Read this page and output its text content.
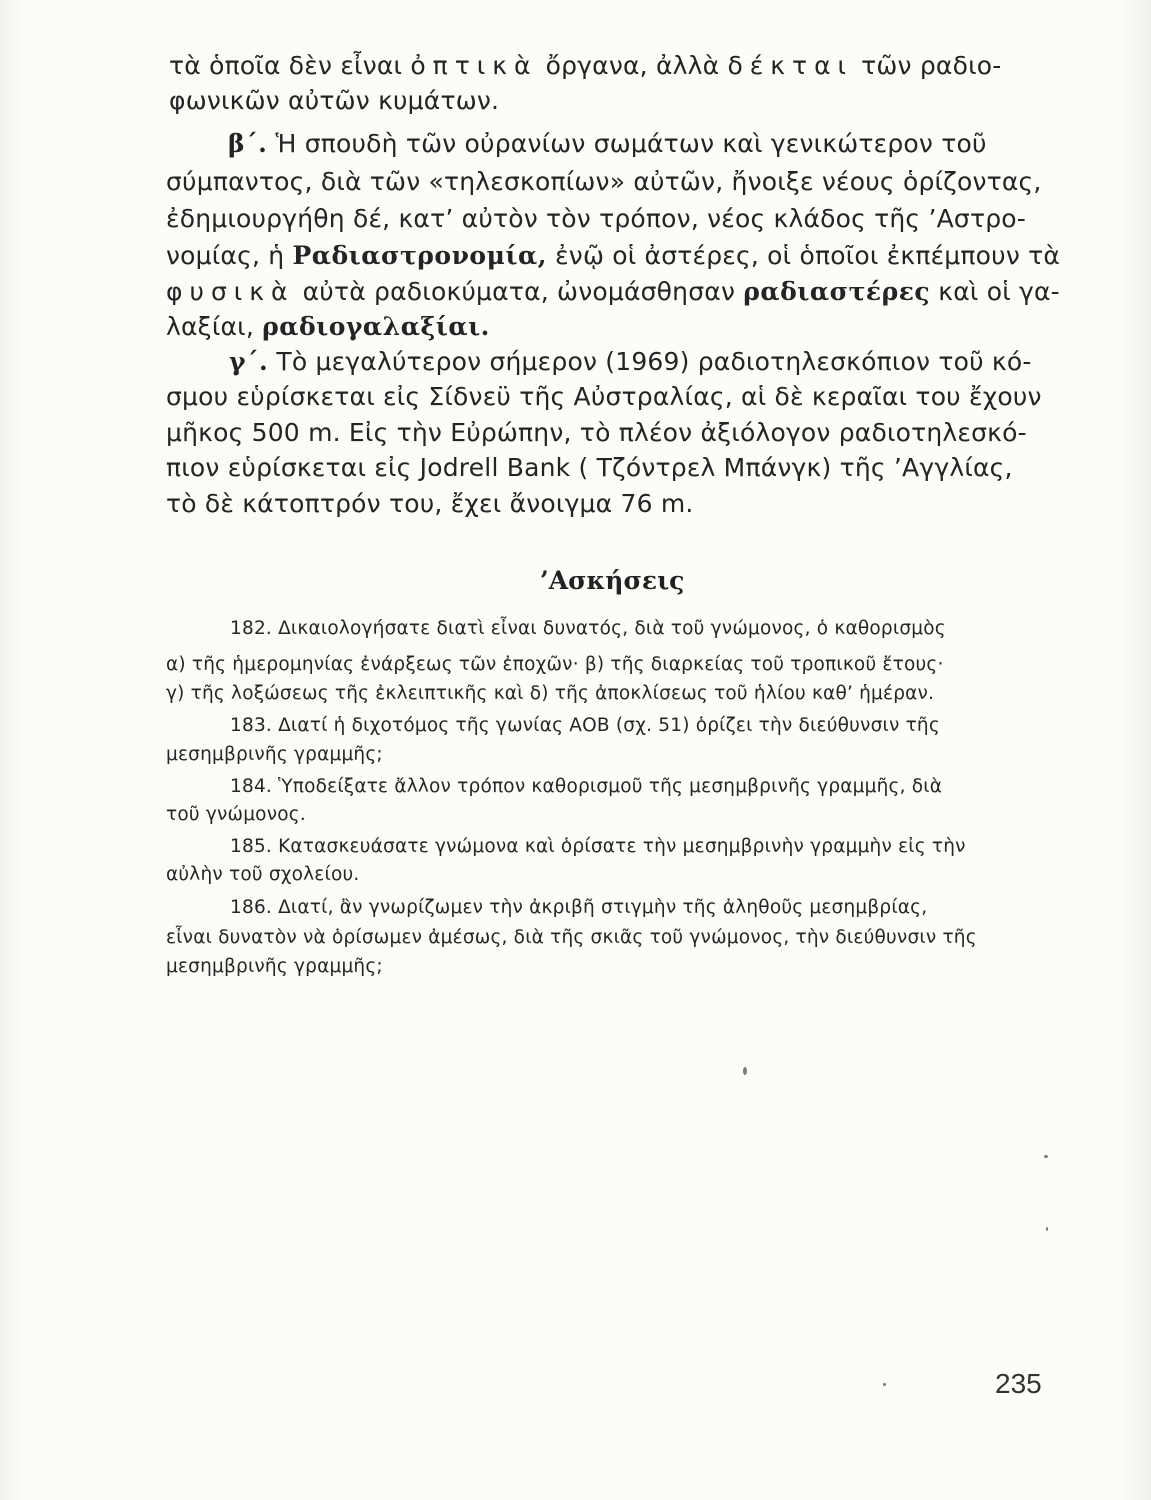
τὰ ὁποῖα δὲν εἶναι ὀπτικὰ ὄργανα, ἀλλὰ δέκται τῶν ραδιο-
φωνικῶν αὐτῶν κυμάτων.
β΄. Ἡ σπουδὴ τῶν οὐρανίων σωμάτων καὶ γενικώτερον τοῦ
σύμπαντος, διὰ τῶν «τηλεσκοπίων» αὐτῶν, ἤνοιξε νέους ὁρίζοντας,
ἐδημιουργήθη δέ, κατ’ αὐτὸν τὸν τρόπον, νέος κλάδος τῆς ’Αστρο-
νομίας, ἡ Ραδιαστρονομία, ἐνῷ οἱ ἀστέρες, οἱ ὁποῖοι ἐκπέμπουν τὰ
φυσικὰ αὐτὰ ραδιοκύματα, ὠνομάσθησαν ραδιαστέρες καὶ οἱ γα-
λαξίαι, ραδιογαλαξίαι.
γ΄. Τὸ μεγαλύτερον σήμερον (1969) ραδιοτηλεσκόπιον τοῦ κό-
σμου εὑρίσκεται εἰς Σίδνεϋ τῆς Αὐστραλίας, αἱ δὲ κεραῖαι του ἔχουν
μῆκος 500 m. Εἰς τὴν Εὐρώπην, τὸ πλέον ἀξιόλογον ραδιοτηλεσκό-
πιον εὑρίσκεται εἰς Jodrell Bank ( Τζόντρελ Μπάνγκ) τῆς ’Αγγλίας,
τὸ δὲ κάτοπτρόν του, ἔχει ἄνοιγμα 76 m.
’Ασκήσεις
182. Δικαιολογήσατε διατὶ εἶναι δυνατός, διὰ τοῦ γνώμονος, ὁ καθορισμὸς
α) τῆς ἡμερομηνίας ἐνάρξεως τῶν ἐποχῶν· β) τῆς διαρκείας τοῦ τροπικοῦ ἔτους·
γ) τῆς λοξώσεως τῆς ἐκλειπτικῆς καὶ δ) τῆς ἀποκλίσεως τοῦ ἡλίου καθ’ ἡμέραν.
183. Διατί ἡ διχοτόμος τῆς γωνίας ΑΟΒ (σχ. 51) ὁρίζει τὴν διεύθυνσιν τῆς
μεσημβρινῆς γραμμῆς;
184. Ὑποδείξατε ἄλλον τρόπον καθορισμοῦ τῆς μεσημβρινῆς γραμμῆς, διὰ
τοῦ γνώμονος.
185. Κατασκευάσατε γνώμονα καὶ ὁρίσατε τὴν μεσημβρινὴν γραμμὴν εἰς τὴν
αὐλὴν τοῦ σχολείου.
186. Διατί, ἂν γνωρίζωμεν τὴν ἀκριβῆ στιγμὴν τῆς ἀληθοῦς μεσημβρίας,
εἶναι δυνατὸν νὰ ὁρίσωμεν ἀμέσως, διὰ τῆς σκιᾶς τοῦ γνώμονος, τὴν διεύθυνσιν τῆς
μεσημβρινῆς γραμμῆς;
235
